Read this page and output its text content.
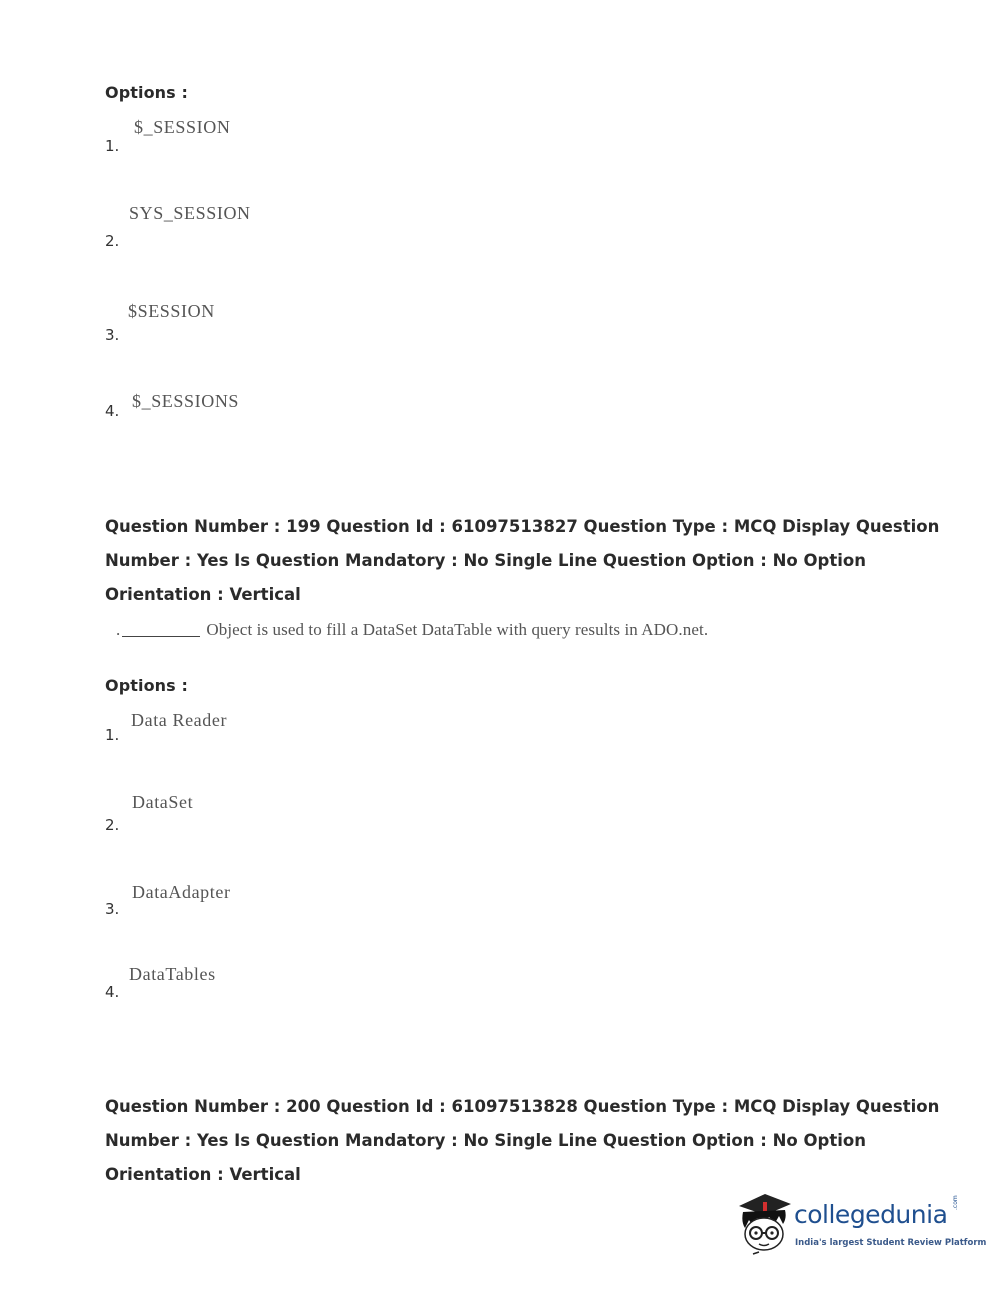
Options :
$_SESSION
1.
SYS_SESSION
2.
$SESSION
3.
$_SESSIONS
4.
Question Number : 199 Question Id : 61097513827 Question Type : MCQ Display Question
Number : Yes Is Question Mandatory : No Single Line Question Option : No Option
Orientation : Vertical
.	Object is used to fill a DataSet DataTable with query results in ADO.net.
Options :
Data Reader
1.
DataSet
2.
DataAdapter
3.
DataTables
4.
Question Number : 200 Question Id : 61097513828 Question Type : MCQ Display Question
Number : Yes Is Question Mandatory : No Single Line Question Option : No Option
Orientation : Vertical
collegedunia .com
India's largest Student Review Platform
